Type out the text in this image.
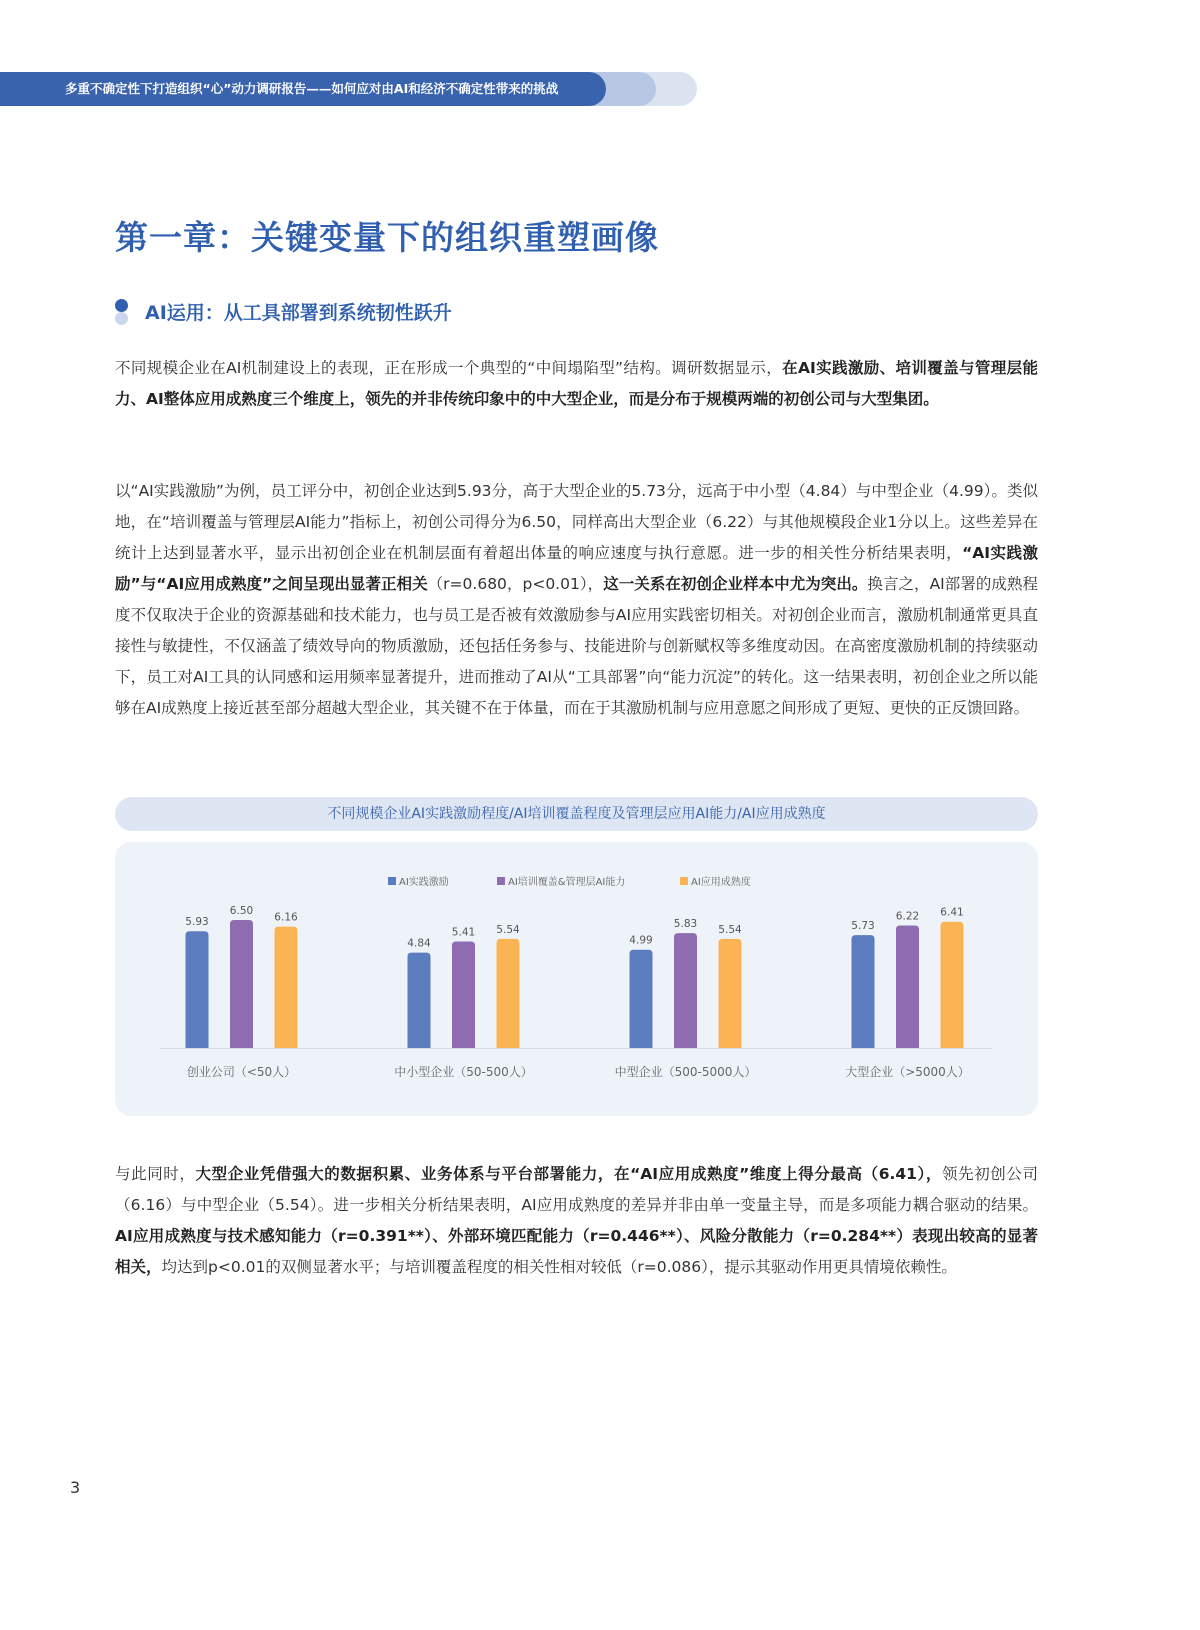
多重不确定性下打造组织“心”动力调研报告——如何应对由AI和经济不确定性带来的挑战
第一章：关键变量下的组织重塑画像
AI运用：从工具部署到系统韧性跃升

不同规模企业在AI机制建设上的表现，正在形成一个典型的“中间塌陷型”结构。调研数据显示，在AI实践激励、培训覆盖与管理层能力、AI整体应用成熟度三个维度上，领先的并非传统印象中的中大型企业，而是分布于规模两端的初创公司与大型集团。

以“AI实践激励”为例，员工评分中，初创企业达到5.93分，高于大型企业的5.73分，远高于中小型（4.84）与中型企业（4.99）。类似地，在“培训覆盖与管理层AI能力”指标上，初创公司得分为6.50，同样高出大型企业（6.22）与其他规模段企业1分以上。这些差异在统计上达到显著水平，显示出初创企业在机制层面有着超出体量的响应速度与执行意愿。进一步的相关性分析结果表明，“AI实践激励”与“AI应用成熟度”之间呈现出显著正相关（r=0.680，p<0.01），这一关系在初创企业样本中尤为突出。换言之，AI部署的成熟程度不仅取决于企业的资源基础和技术能力，也与员工是否被有效激励参与AI应用实践密切相关。对初创企业而言，激励机制通常更具直接性与敏捷性，不仅涵盖了绩效导向的物质激励，还包括任务参与、技能进阶与创新赋权等多维度动因。在高密度激励机制的持续驱动下，员工对AI工具的认同感和运用频率显著提升，进而推动了AI从“工具部署”向“能力沉淀”的转化。这一结果表明，初创企业之所以能够在AI成熟度上接近甚至部分超越大型企业，其关键不在于体量，而在于其激励机制与应用意愿之间形成了更短、更快的正反馈回路。

不同规模企业AI实践激励程度/AI培训覆盖程度及管理层应用AI能力/AI应用成熟度
AI实践激励	AI培训覆盖&管理层AI能力	AI应用成熟度
5.93
6.50
6.16
创业公司（<50人）
4.84
5.41 5.54
中小型企业（50-500人）
4.99
5.83 5.54
中型企业（500-5000人）
5.73
6.22 6.41
大型企业（>5000人）

与此同时，大型企业凭借强大的数据积累、业务体系与平台部署能力，在“AI应用成熟度”维度上得分最高（6.41），领先初创公司（6.16）与中型企业（5.54）。进一步相关分析结果表明，AI应用成熟度的差异并非由单一变量主导，而是多项能力耦合驱动的结果。AI应用成熟度与技术感知能力（r=0.391**）、外部环境匹配能力（r=0.446**）、风险分散能力（r=0.284**）表现出较高的显著相关，均达到p<0.01的双侧显著水平；与培训覆盖程度的相关性相对较低（r=0.086），提示其驱动作用更具情境依赖性。

3
